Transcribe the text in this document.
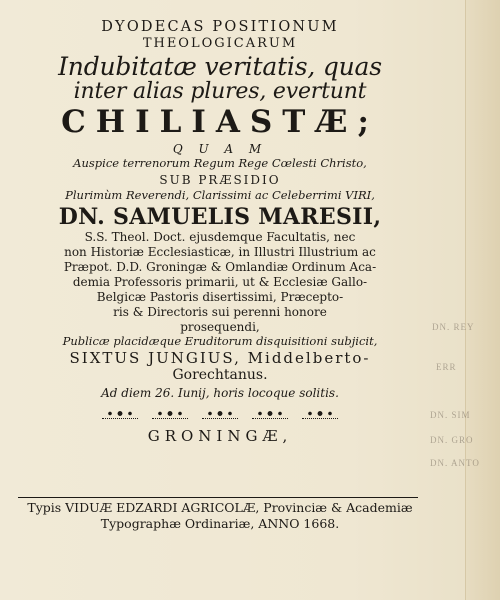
DN. REY
ERR
DN. SIM
DN. GRO
DN. ANTO
DYODECAS POSITIONUM
THEOLOGICARUM
Indubitatæ veritatis, quas
inter alias plures, evertunt
CHILIASTÆ;
Q U A M
Auspice terrenorum Regum Rege Cœlesti Christo,
SUB PRÆSIDIO
Plurimùm Reverendi, Clarissimi ac Celeberrimi VIRI,
DN. SAMUELIS MARESII,
S.S. Theol. Doct. ejusdemque Facultatis, nec
non Historiæ Ecclesiasticæ, in Illustri Illustrium ac
Præpot. D.D. Groningæ & Omlandiæ Ordinum Aca-
demia Professoris primarii, ut & Ecclesiæ Gallo-
Belgicæ Pastoris disertissimi, Præcepto-
ris & Directoris sui perenni honore
prosequendi,
Publicæ placidæque Eruditorum disquisitioni subjicit,
SIXTUS JUNGIUS, Middelberto-
Gorechtanus.
Ad diem 26. Iunij, horis locoque solitis.
GRONINGÆ,
Typis VIDUÆ EDZARDI AGRICOLÆ, Provinciæ & Academiæ
Typographæ Ordinariæ, ANNO 1668.
